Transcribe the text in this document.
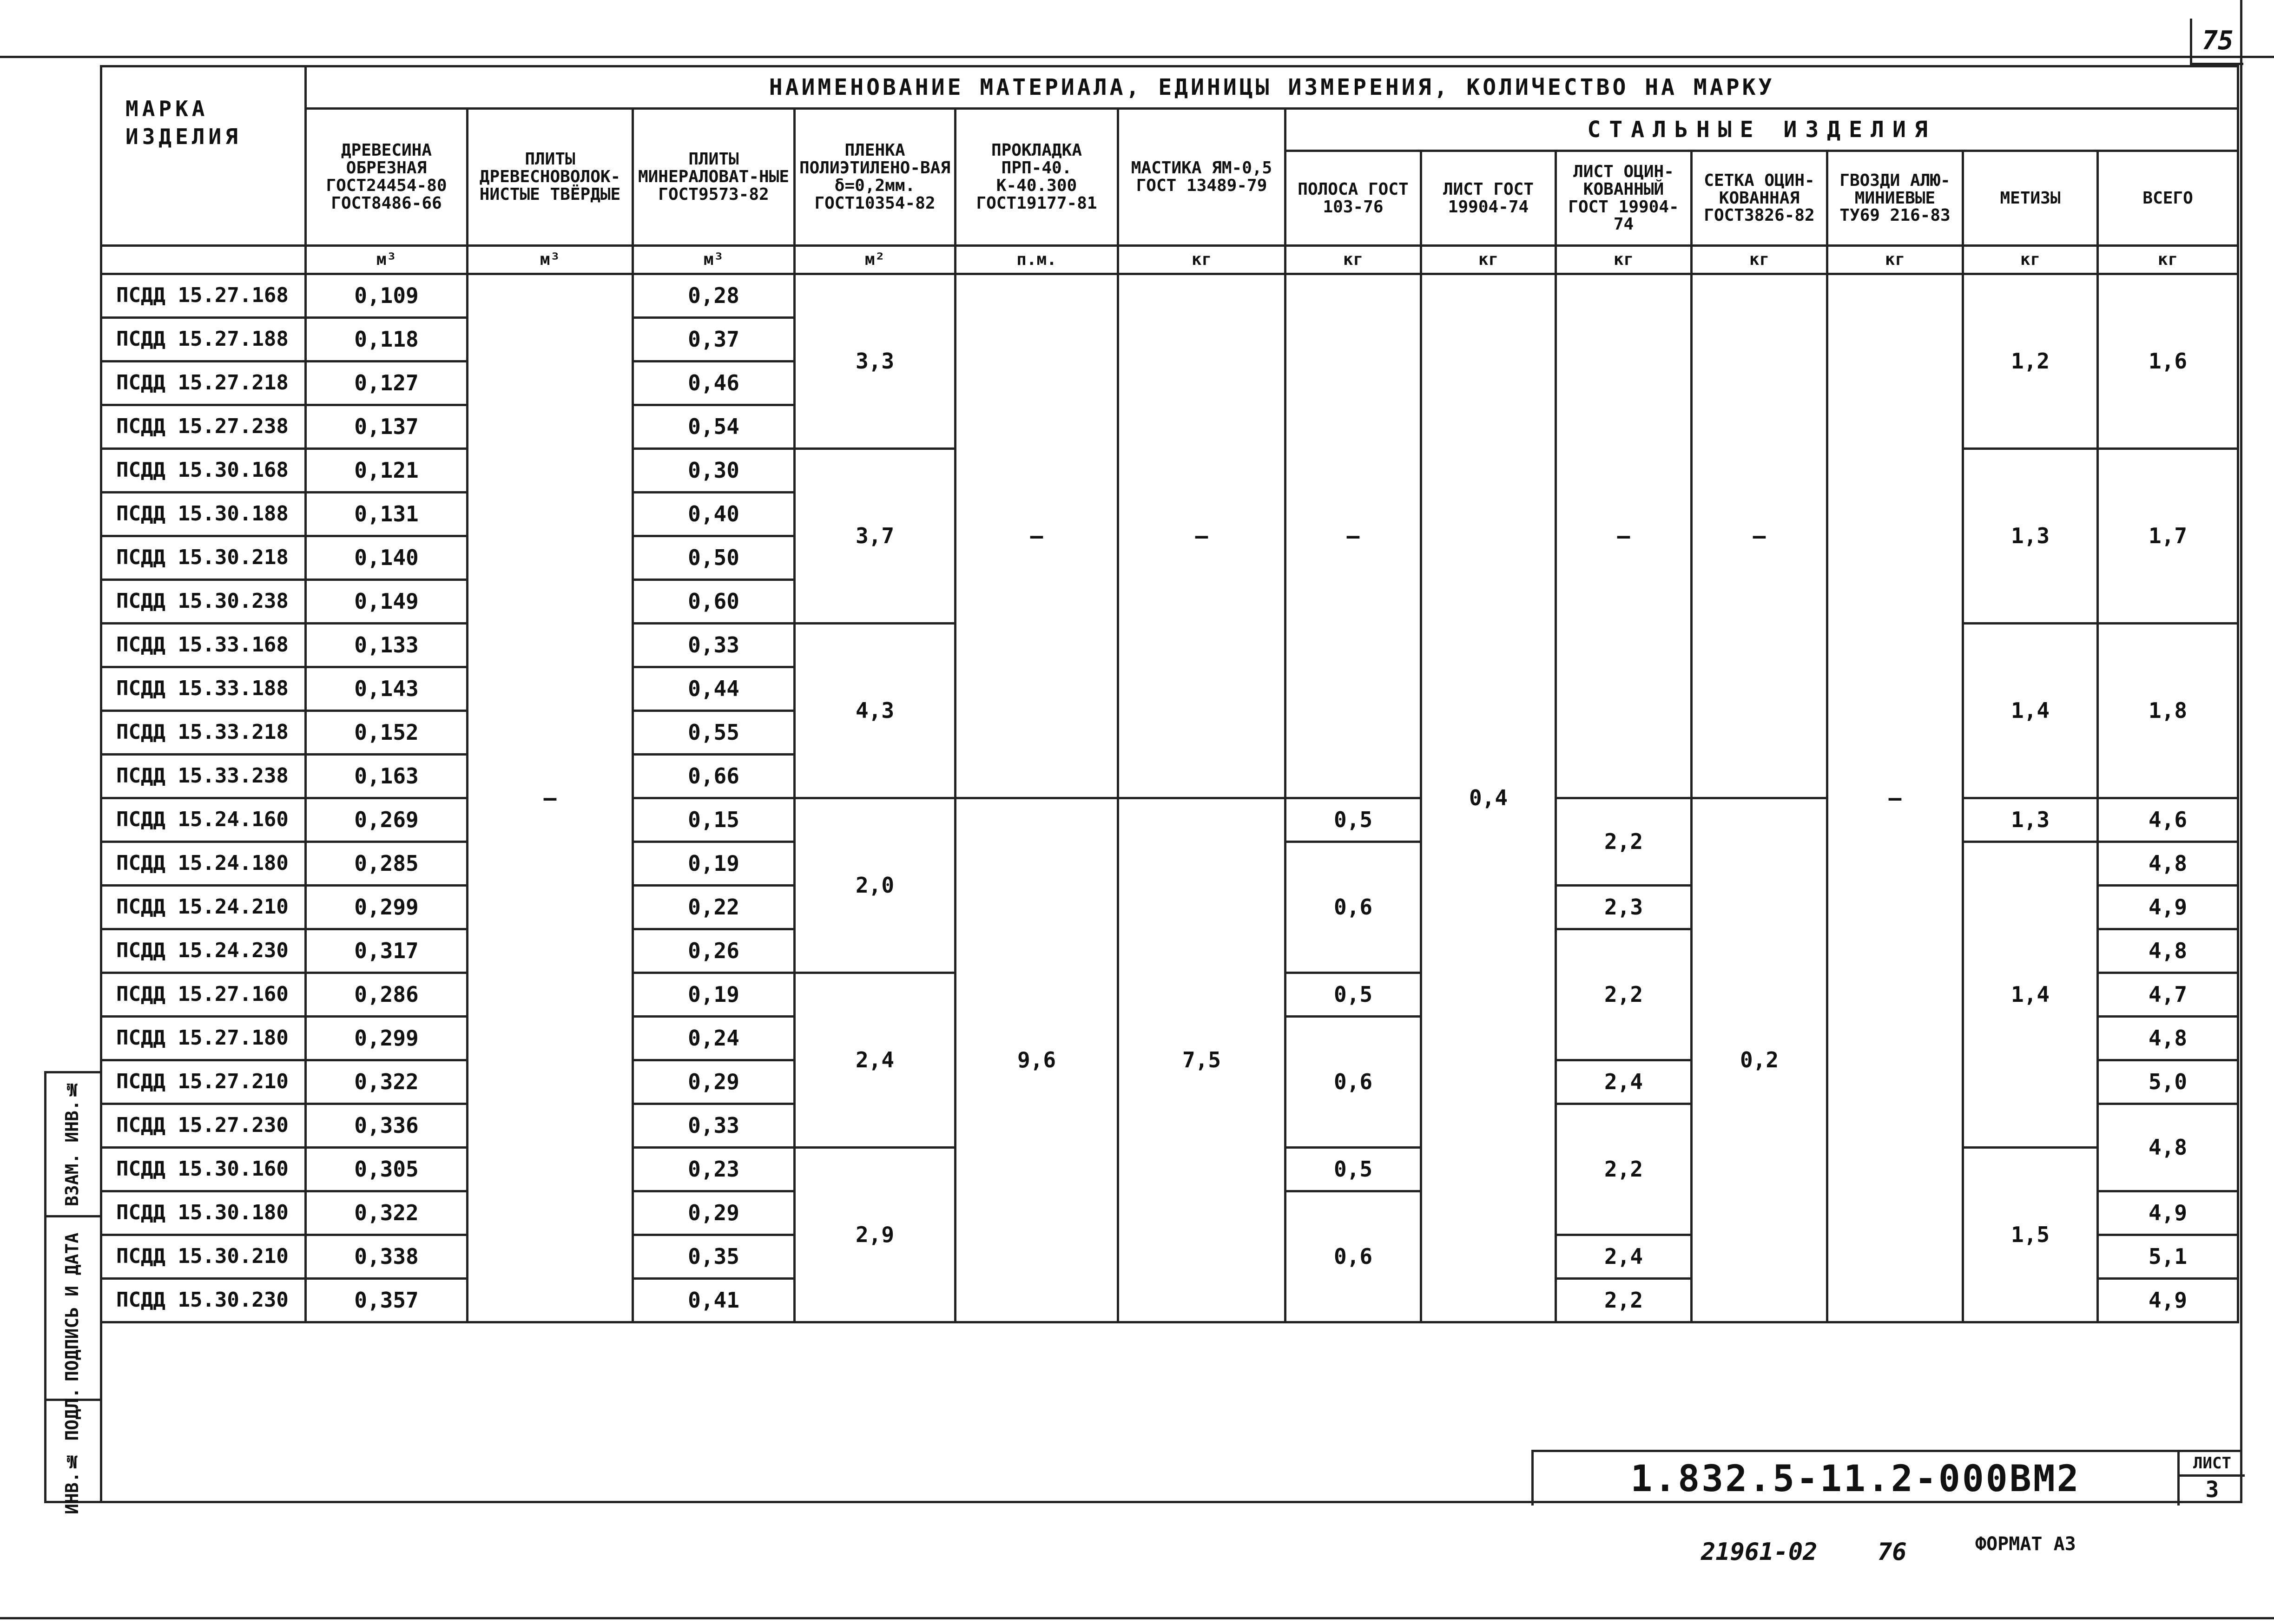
75
МАРКА ИЗДЕЛИЯ	НАИМЕНОВАНИЕ МАТЕРИАЛА, ЕДИНИЦЫ ИЗМЕРЕНИЯ, КОЛИЧЕСТВО НА МАРКУ												
	ДРЕВЕСИНА ОБРЕЗНАЯ ГОСТ24454-80 ГОСТ8486-66	ПЛИТЫ ДРЕВЕСНОВОЛОК-НИСТЫЕ ТВЁРДЫЕ	ПЛИТЫ МИНЕРАЛОВАТ-НЫЕ ГОСТ9573-82	ПЛЕНКА ПОЛИЭТИЛЕНО-ВАЯ δ=0,2мм. ГОСТ10354-82	ПРОКЛАДКА ПРП-40. К-40.300 ГОСТ19177-81	МАСТИКА ЯМ-0,5 ГОСТ 13489-79	СТАЛЬНЫЕ ИЗДЕЛИЯ						
							ПОЛОСА ГОСТ 103-76	ЛИСТ ГОСТ 19904-74	ЛИСТ ОЦИН-КОВАННЫЙ ГОСТ 19904-74	СЕТКА ОЦИН-КОВАННАЯ ГОСТ3826-82	ГВОЗДИ АЛЮ-МИНИЕВЫЕ ТУ69 216-83	МЕТИЗЫ	ВСЕГО
	м³	м³	м³	м²	п.м.	кг	кг	кг	кг	кг	кг	кг	кг
ПСДД 15.27.168	0,109	—	0,28	3,3	—	—	—	0,4	—	—	—	1,2	1,6
ПСДД 15.27.188	0,118		0,37										
ПСДД 15.27.218	0,127		0,46										
ПСДД 15.27.238	0,137		0,54										
ПСДД 15.30.168	0,121		0,30	3,7								1,3	1,7
ПСДД 15.30.188	0,131		0,40										
ПСДД 15.30.218	0,140		0,50										
ПСДД 15.30.238	0,149		0,60										
ПСДД 15.33.168	0,133		0,33	4,3								1,4	1,8
ПСДД 15.33.188	0,143		0,44										
ПСДД 15.33.218	0,152		0,55										
ПСДД 15.33.238	0,163		0,66										
ПСДД 15.24.160	0,269		0,15	2,0	9,6	7,5	0,5		2,2	0,2		1,3	4,6
ПСДД 15.24.180	0,285		0,19				0,6					1,4	4,8
ПСДД 15.24.210	0,299		0,22						2,3				4,9
ПСДД 15.24.230	0,317		0,26						2,2				4,8
ПСДД 15.27.160	0,286		0,19	2,4			0,5						4,7
ПСДД 15.27.180	0,299		0,24				0,6						4,8
ПСДД 15.27.210	0,322		0,29						2,4				5,0
ПСДД 15.27.230	0,336		0,33						2,2				4,8
ПСДД 15.30.160	0,305		0,23	2,9			0,5					1,5	
ПСДД 15.30.180	0,322		0,29				0,6						4,9
ПСДД 15.30.210	0,338		0,35						2,4				5,1
ПСДД 15.30.230	0,357		0,41						2,2				4,9
ВЗАМ. ИНВ.№
ПОДПИСЬ И ДАТА
ИНВ.№ ПОДЛ.	1.832.5-11.2-000ВМ2	ЛИСТ
3
21961-02 76	ФОРМАТ А3
